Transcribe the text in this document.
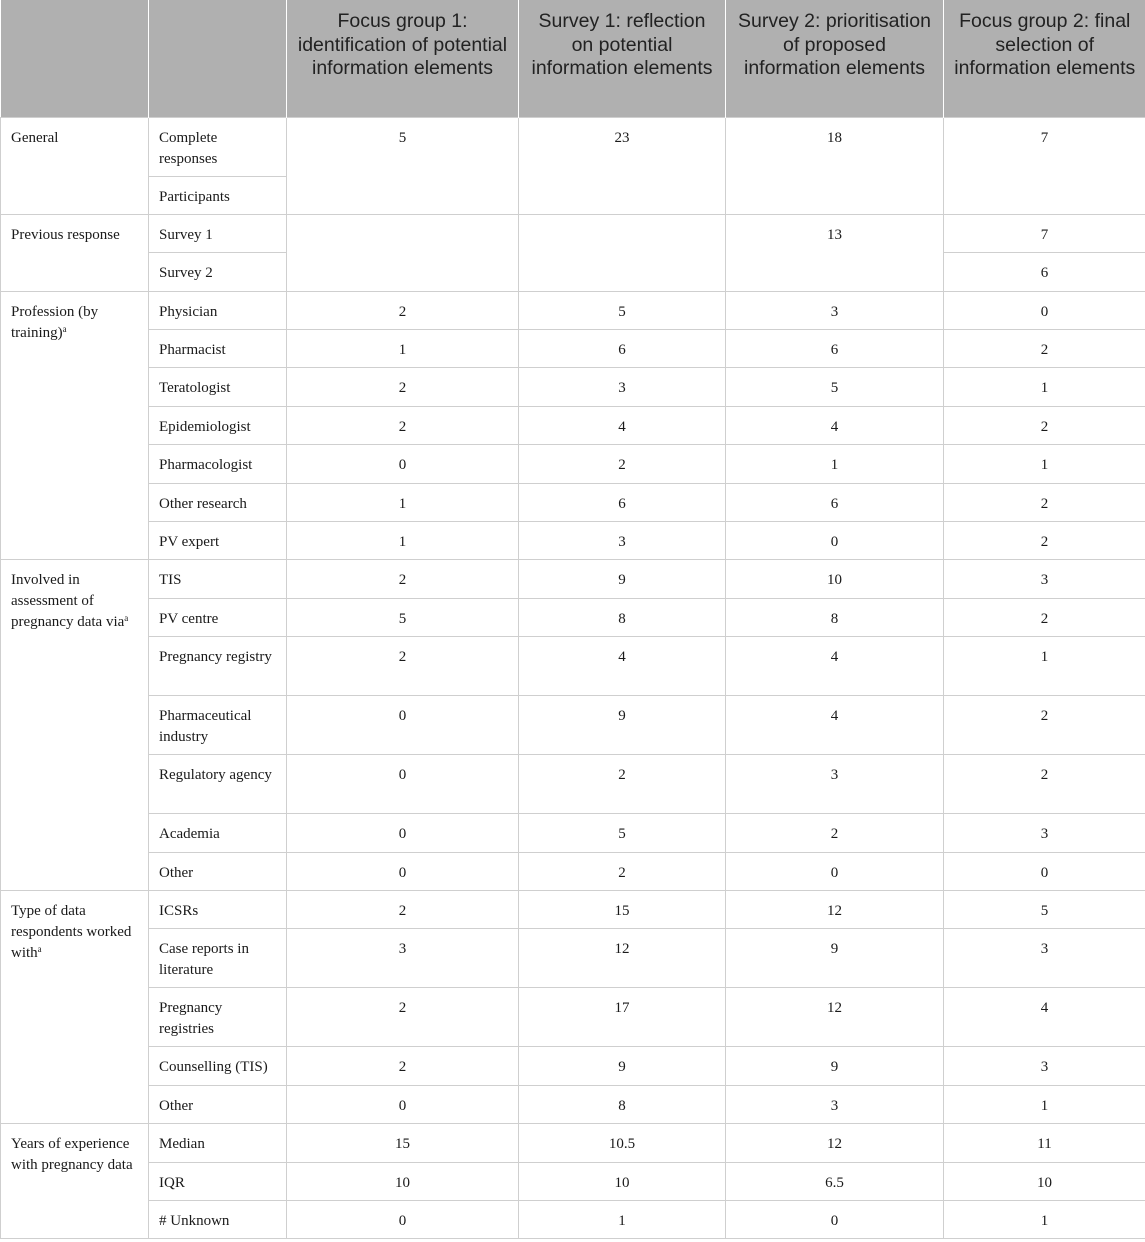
		Focus group 1: identification of potential information elements	Survey 1: reflection on potential information elements	Survey 2: prioritisation of proposed information elements	Focus group 2: final selection of information elements
General	Complete responses	5	23	18	7
	Participants				
Previous response	Survey 1			13	7
	Survey 2				6
Profession (by training)$^a$	Physician	2	5	3	0
	Pharmacist	1	6	6	2
	Teratologist	2	3	5	1
	Epidemiologist	2	4	4	2
	Pharmacologist	0	2	1	1
	Other research	1	6	6	2
	PV expert	1	3	0	2
Involved in assessment of pregnancy data via$^a$	TIS	2	9	10	3
	PV centre	5	8	8	2
	Pregnancy registry	2	4	4	1
	Pharmaceutical industry	0	9	4	2
	Regulatory agency	0	2	3	2
	Academia	0	5	2	3
	Other	0	2	0	0
Type of data respondents worked with$^a$	ICSRs	2	15	12	5
	Case reports in literature	3	12	9	3
	Pregnancy registries	2	17	12	4
	Counselling (TIS)	2	9	9	3
	Other	0	8	3	1
Years of experience with pregnancy data	Median	15	10.5	12	11
	IQR	10	10	6.5	10
	# Unknown	0	1	0	1
